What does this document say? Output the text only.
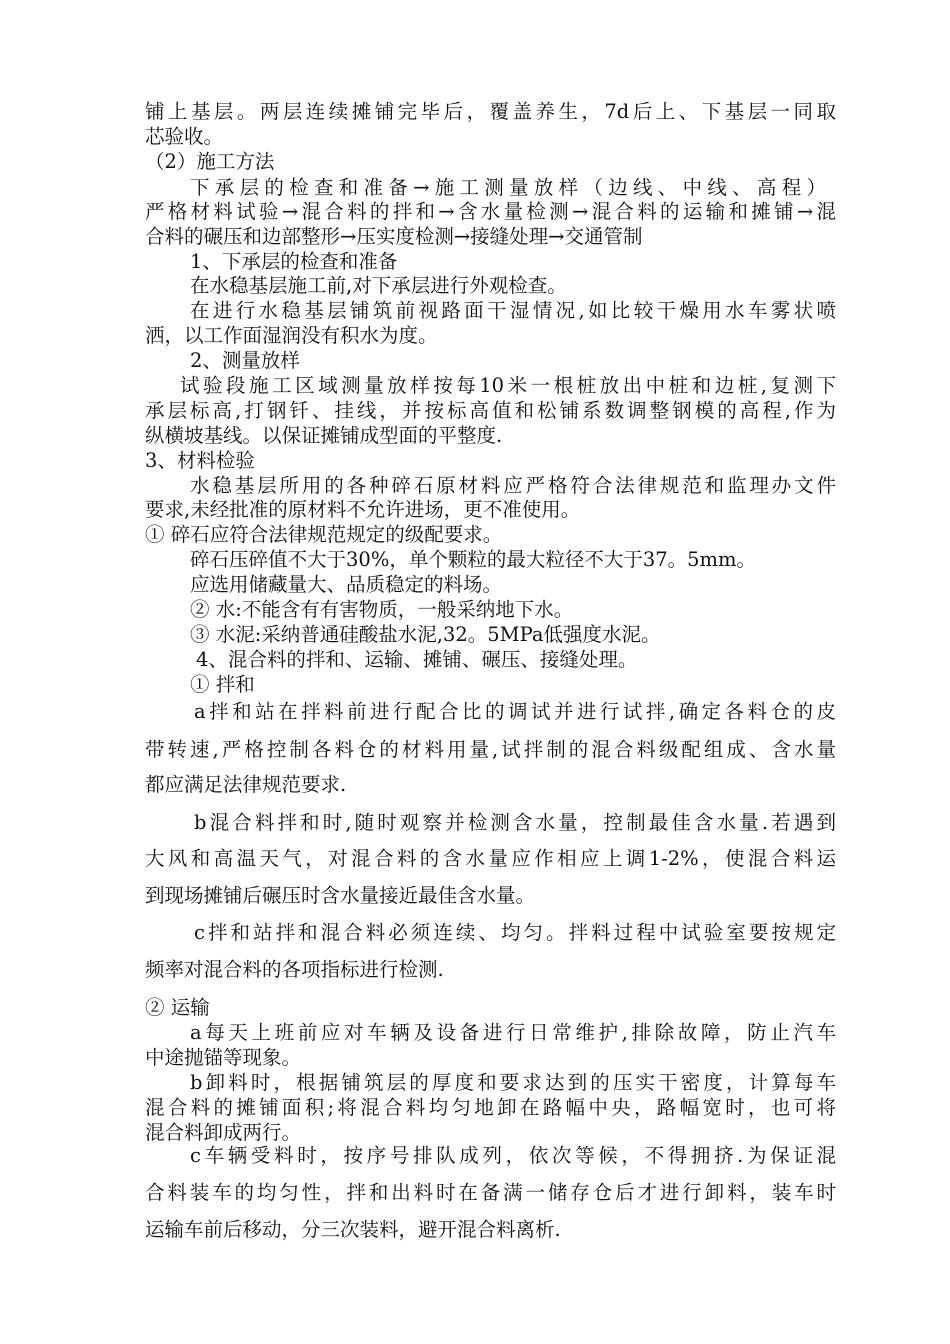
铺上基层。两层连续摊铺完毕后，覆盖养生，7d后上、下基层一同取

芯验收。

（2）施工方法

下承层的检查和准备→施工测量放样（边线、中线、高程）

严格材料试验→混合料的拌和→含水量检测→混合料的运输和摊铺→混

合料的碾压和边部整形→压实度检测→接缝处理→交通管制

1、下承层的检查和准备

在水稳基层施工前,对下承层进行外观检查。

在进行水稳基层铺筑前视路面干湿情况,如比较干燥用水车雾状喷

洒，以工作面湿润没有积水为度。

2、测量放样

试验段施工区域测量放样按每10米一根桩放出中桩和边桩,复测下

承层标高,打钢钎、挂线，并按标高值和松铺系数调整钢模的高程,作为

纵横坡基线。以保证摊铺成型面的平整度.

3、材料检验

水稳基层所用的各种碎石原材料应严格符合法律规范和监理办文件

要求,未经批准的原材料不允许进场，更不准使用。

① 碎石应符合法律规范规定的级配要求。

碎石压碎值不大于30%，单个颗粒的最大粒径不大于37。5mm。

应选用储藏量大、品质稳定的料场。

② 水:不能含有有害物质，一般采纳地下水。

③ 水泥:采纳普通硅酸盐水泥,32。5MPa低强度水泥。

4、混合料的拌和、运输、摊铺、碾压、接缝处理。

① 拌和

a拌和站在拌料前进行配合比的调试并进行试拌,确定各料仓的皮

带转速,严格控制各料仓的材料用量,试拌制的混合料级配组成、含水量

都应满足法律规范要求.

b混合料拌和时,随时观察并检测含水量，控制最佳含水量.若遇到

大风和高温天气，对混合料的含水量应作相应上调1-2%，使混合料运

到现场摊铺后碾压时含水量接近最佳含水量。

c拌和站拌和混合料必须连续、均匀。拌料过程中试验室要按规定

频率对混合料的各项指标进行检测.

② 运输

a每天上班前应对车辆及设备进行日常维护,排除故障，防止汽车

中途抛锚等现象。

b卸料时，根据铺筑层的厚度和要求达到的压实干密度，计算每车

混合料的摊铺面积;将混合料均匀地卸在路幅中央，路幅宽时，也可将

混合料卸成两行。

c车辆受料时，按序号排队成列，依次等候，不得拥挤.为保证混

合料装车的均匀性，拌和出料时在备满一储存仓后才进行卸料，装车时

运输车前后移动，分三次装料，避开混合料离析.
